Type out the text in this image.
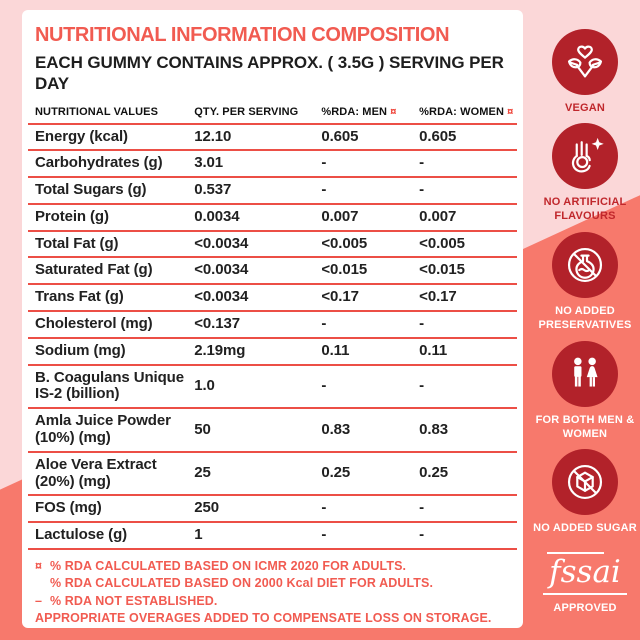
NUTRITIONAL INFORMATION COMPOSITION
EACH GUMMY CONTAINS APPROX. ( 3.5G ) SERVING PER DAY
NUTRITIONAL VALUES	QTY. PER SERVING	%RDA: MEN ¤	%RDA: WOMEN ¤
Energy (kcal)	12.10	0.605	0.605
Carbohydrates (g)	3.01	-	-
Total Sugars (g)	0.537	-	-
Protein (g)	0.0034	0.007	0.007
Total Fat (g)	<0.0034	<0.005	<0.005
Saturated Fat (g)	<0.0034	<0.015	<0.015
Trans Fat (g)	<0.0034	<0.17	<0.17
Cholesterol (mg)	<0.137	-	-
Sodium (mg)	2.19mg	0.11	0.11
B. Coagulans Unique IS-2 (billion)	1.0	-	-
Amla Juice Powder (10%) (mg)	50	0.83	0.83
Aloe Vera Extract (20%) (mg)	25	0.25	0.25
FOS (mg)	250	-	-
Lactulose (g)	1	-	-
¤ % RDA CALCULATED BASED ON ICMR 2020 FOR ADULTS.
% RDA CALCULATED BASED ON 2000 Kcal DIET FOR ADULTS.
– % RDA NOT ESTABLISHED.
APPROPRIATE OVERAGES ADDED TO COMPENSATE LOSS ON STORAGE.
VEGAN
NO ARTIFICIAL FLAVOURS
NO ADDED PRESERVATIVES
FOR BOTH MEN & WOMEN
NO ADDED SUGAR
fssai
APPROVED
